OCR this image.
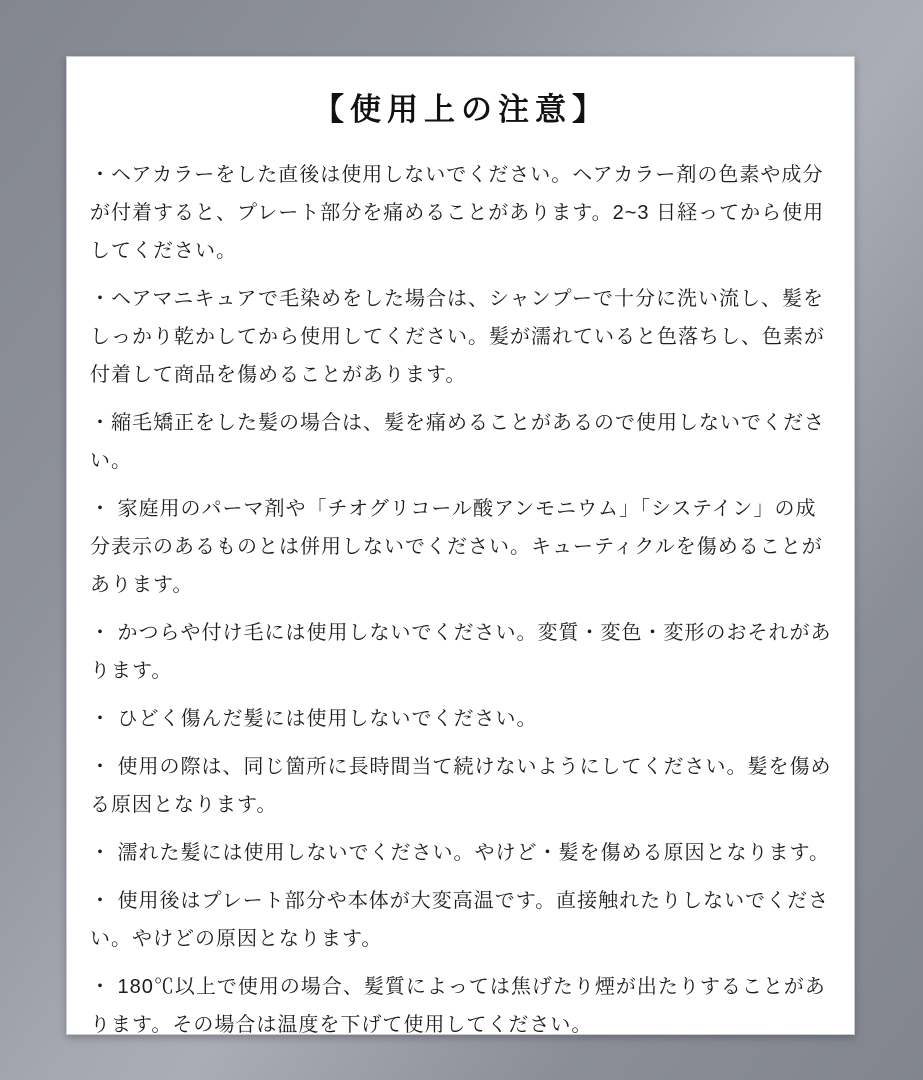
【使用上の注意】

・ヘアカラーをした直後は使用しないでください。ヘアカラー剤の色素や成分が付着すると、プレート部分を痛めることがあります。2~3 日経ってから使用してください。

・ヘアマニキュアで毛染めをした場合は、シャンプーで十分に洗い流し、髪をしっかり乾かしてから使用してください。髪が濡れていると色落ちし、色素が付着して商品を傷めることがあります。

・縮毛矯正をした髪の場合は、髪を痛めることがあるので使用しないでください。

・ 家庭用のパーマ剤や「チオグリコール酸アンモニウム」「システイン」の成分表示のあるものとは併用しないでください。キューティクルを傷めることがあります。

・ かつらや付け毛には使用しないでください。変質・変色・変形のおそれがあります。

・ ひどく傷んだ髪には使用しないでください。

・ 使用の際は、同じ箇所に長時間当て続けないようにしてください。髪を傷める原因となります。

・ 濡れた髪には使用しないでください。やけど・髪を傷める原因となります。

・ 使用後はプレート部分や本体が大変高温です。直接触れたりしないでください。やけどの原因となります。

・ 180℃以上で使用の場合、髪質によっては焦げたり煙が出たりすることがあります。その場合は温度を下げて使用してください。
